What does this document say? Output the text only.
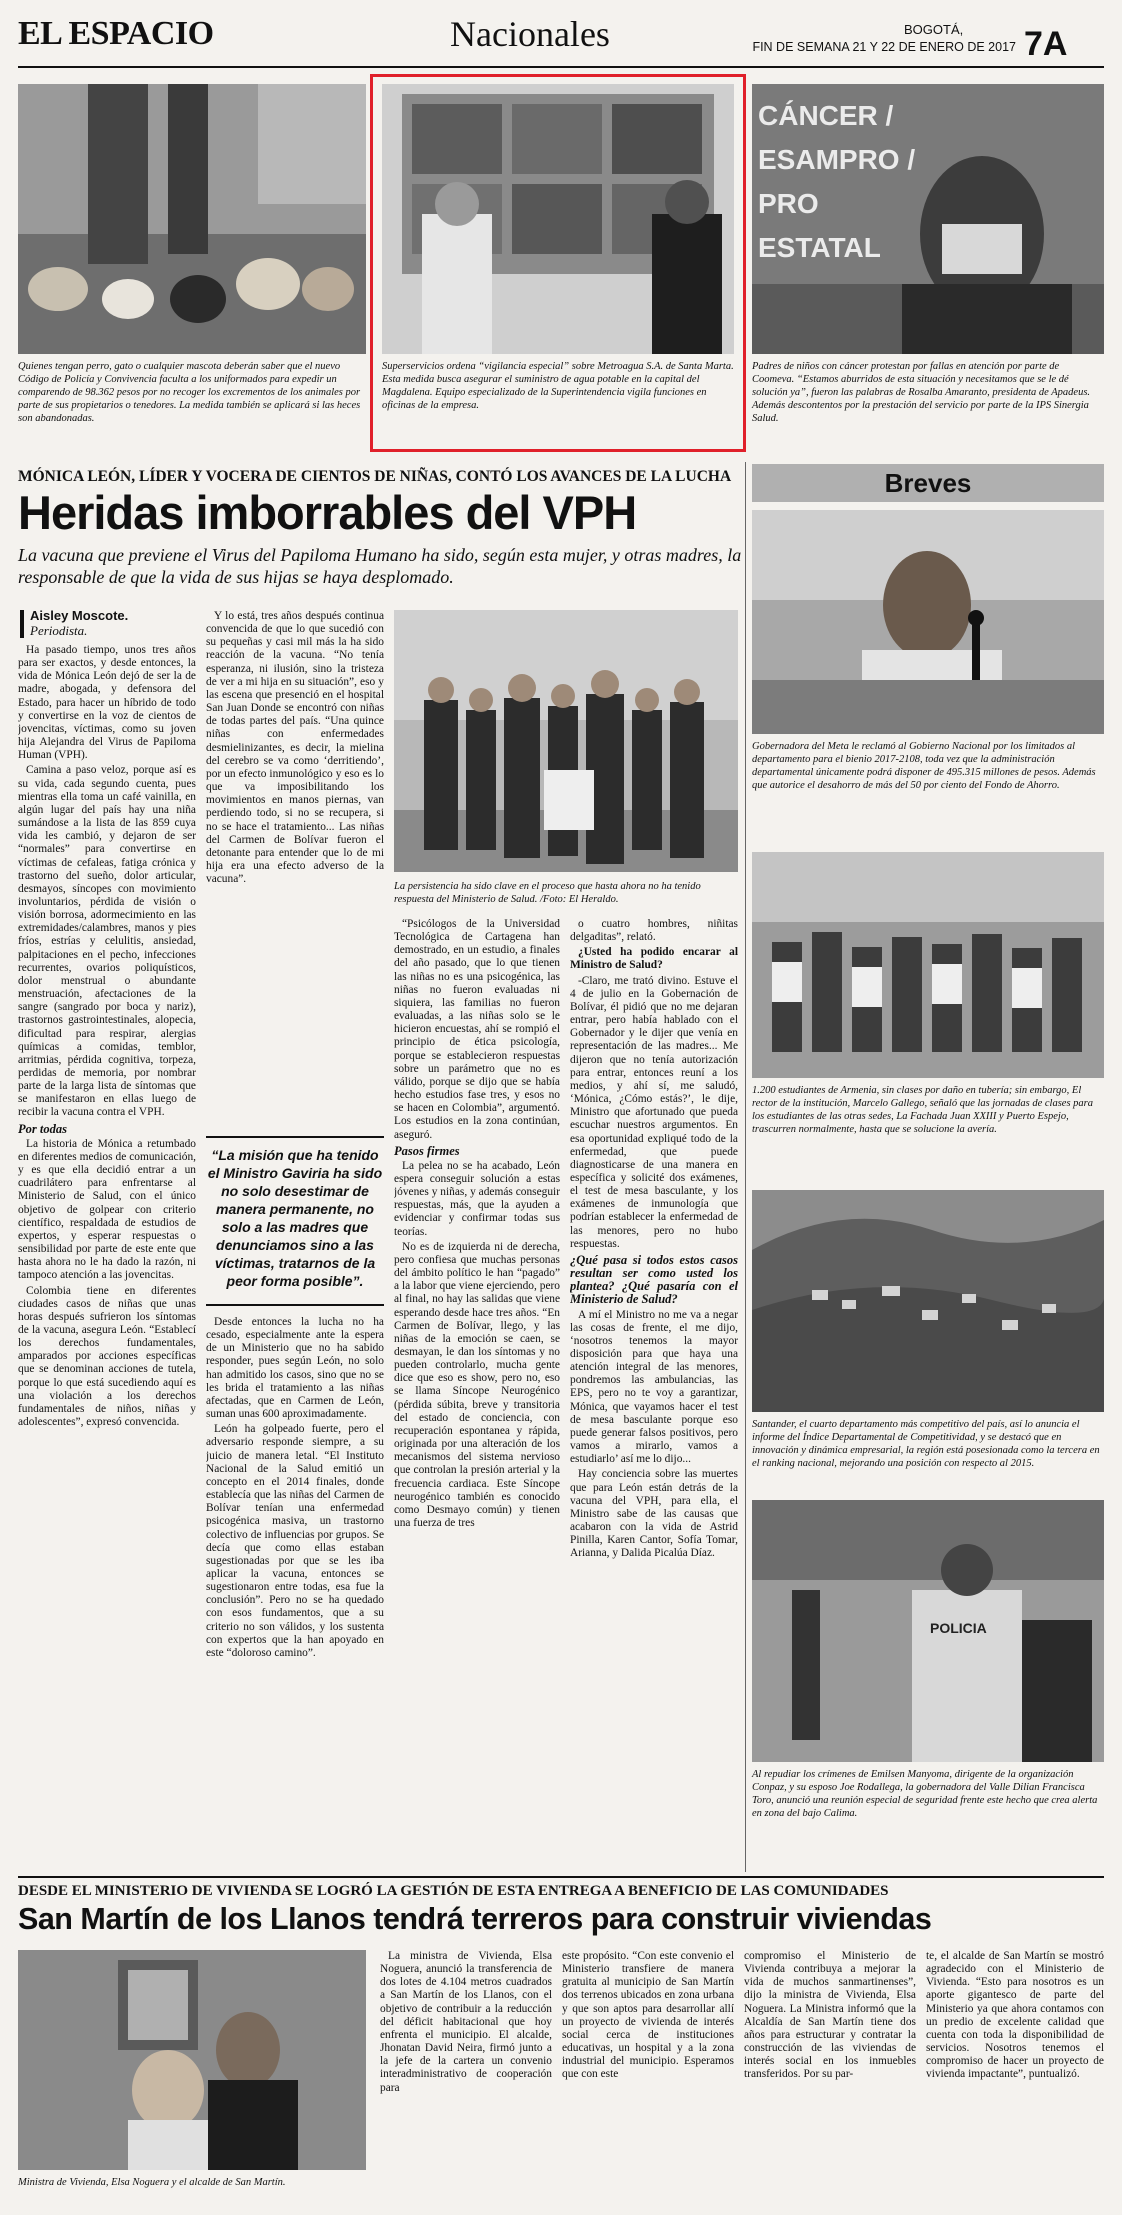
EL ESPACIO	Nacionales	BOGOTÁ,
FIN DE SEMANA 21 Y 22 DE ENERO DE 2017 7A
Quienes tengan perro, gato o cualquier mascota deberán saber que el nuevo Código de Policía y Convivencia faculta a los uniformados para expedir un comparendo de 98.362 pesos por no recoger los excrementos de los animales por parte de sus propietarios o tenedores. La medida también se aplicará si las heces son abandonadas.
Superservicios ordena “vigilancia especial” sobre Metroagua S.A. de Santa Marta. Esta medida busca asegurar el suministro de agua potable en la capital del Magdalena. Equipo especializado de la Superintendencia vigila funciones en oficinas de la empresa.
CÁNCER / ESAMPRO / PRO ESTATAL
Padres de niños con cáncer protestan por fallas en atención por parte de Coomeva. “Estamos aburridos de esta situación y necesitamos que se le dé solución ya”, fueron las palabras de Rosalba Amaranto, presidenta de Apadeus. Además descontentos por la prestación del servicio por parte de la IPS Sinergia Salud.
MÓNICA LEÓN, LÍDER Y VOCERA DE CIENTOS DE NIÑAS, CONTÓ LOS AVANCES DE LA LUCHA
Heridas imborrables del VPH
La vacuna que previene el Virus del Papiloma Humano ha sido, según esta mujer, y otras madres, la responsable de que la vida de sus hijas se haya desplomado.
Aisley Moscote.
Periodista.

Ha pasado tiempo, unos tres años para ser exactos, y desde entonces, la vida de Mónica León dejó de ser la de madre, abogada, y defensora del Estado, para hacer un híbrido de todo y convertirse en la voz de cientos de jovencitas, víctimas, como su joven hija Alejandra del Virus de Papiloma Human (VPH).

Camina a paso veloz, porque así es su vida, cada segundo cuenta, pues mientras ella toma un café vainilla, en algún lugar del país hay una niña sumándose a la lista de las 859 cuya vida les cambió, y dejaron de ser “normales” para convertirse en víctimas de cefaleas, fatiga crónica y trastorno del sueño, dolor articular, desmayos, síncopes con movimiento involuntarios, pérdida de visión o visión borrosa, adormecimiento en las extremidades/calambres, manos y pies fríos, estrías y celulitis, ansiedad, palpitaciones en el pecho, infecciones recurrentes, ovarios poliquísticos, dolor menstrual o abundante menstruación, afectaciones de la sangre (sangrado por boca y nariz), trastornos gastrointestinales, alopecia, dificultad para respirar, alergias químicas a comidas, temblor, arritmias, pérdida cognitiva, torpeza, perdidas de memoria, por nombrar parte de la larga lista de síntomas que se manifestaron en ellas luego de recibir la vacuna contra el VPH.

Por todas

La historia de Mónica a retumbado en diferentes medios de comunicación, y es que ella decidió entrar a un cuadrilátero para enfrentarse al Ministerio de Salud, con el único objetivo de golpear con criterio científico, respaldada de estudios de expertos, y esperar respuestas o sensibilidad por parte de este ente que hasta ahora no le ha dado la razón, ni tampoco atención a las jovencitas.

Colombia tiene en diferentes ciudades casos de niñas que unas horas después sufrieron los síntomas de la vacuna, asegura León. “Establecí los derechos fundamentales, amparados por acciones específicas que se denominan acciones de tutela, porque lo que está sucediendo aquí es una violación a los derechos fundamentales de niños, niñas y adolescentes”, expresó convencida.

Y lo está, tres años después continua convencida de que lo que sucedió con su pequeñas y casi mil más la ha sido reacción de la vacuna. “No tenía esperanza, ni ilusión, sino la tristeza de ver a mi hija en su situación”, eso y las escena que presenció en el hospital San Juan Donde se encontró con niñas de todas partes del país. “Una quince niñas con enfermedades desmielinizantes, es decir, la mielina del cerebro se va como ‘derritiendo’, por un efecto inmunológico y eso es lo que va imposibilitando los movimientos en manos piernas, van perdiendo todo, si no se recupera, si no se hace el tratamiento... Las niñas del Carmen de Bolívar fueron el detonante para entender que lo de mi hija era una efecto adverso de la vacuna”.

“La misión que ha tenido el Ministro Gaviria ha sido no solo desestimar de manera permanente, no solo a las madres que denunciamos sino a las víctimas, tratarnos de la peor forma posible”.

Desde entonces la lucha no ha cesado, especialmente ante la espera de un Ministerio que no ha sabido responder, pues según León, no solo han admitido los casos, sino que no se les brida el tratamiento a las niñas afectadas, que en Carmen de León, suman unas 600 aproximadamente.

León ha golpeado fuerte, pero el adversario responde siempre, a su juicio de manera letal. “El Instituto Nacional de la Salud emitió un concepto en el 2014 finales, donde establecía que las niñas del Carmen de Bolívar tenían una enfermedad psicogénica masiva, un trastorno colectivo de influencias por grupos. Se decía que como ellas estaban sugestionadas por que se les iba aplicar la vacuna, entonces se sugestionaron entre todas, esa fue la conclusión”. Pero no se ha quedado con esos fundamentos, que a su criterio no son válidos, y los sustenta con expertos que la han apoyado en este “doloroso camino”.

La persistencia ha sido clave en el proceso que hasta ahora no ha tenido respuesta del Ministerio de Salud. /Foto: El Heraldo.

“Psicólogos de la Universidad Tecnológica de Cartagena han demostrado, en un estudio, a finales del año pasado, que lo que tienen las niñas no es una psicogénica, las niñas no fueron evaluadas ni siquiera, las familias no fueron evaluadas, a las niñas solo se le hicieron encuestas, ahí se rompió el principio de ética psicología, porque se establecieron respuestas sobre un parámetro que no es válido, porque se dijo que se había hecho estudios fase tres, y esos no se hacen en Colombia”, argumentó. Los estudios en la zona continúan, aseguró.

Pasos firmes

La pelea no se ha acabado, León espera conseguir solución a estas jóvenes y niñas, y además conseguir respuestas, más, que la ayuden a evidenciar y confirmar todas sus teorías.

No es de izquierda ni de derecha, pero confiesa que muchas personas del ámbito político le han “pagado” a la labor que viene ejerciendo, pero al final, no hay las salidas que viene esperando desde hace tres años. “En Carmen de Bolívar, llego, y las niñas de la emoción se caen, se desmayan, le dan los síntomas y no pueden controlarlo, mucha gente dice que eso es show, pero no, eso se llama Síncope Neurogénico (pérdida súbita, breve y transitoria del estado de conciencia, con recuperación espontanea y rápida, originada por una alteración de los mecanismos del sistema nervioso que controlan la presión arterial y la frecuencia cardiaca. Este Síncope neurogénico también es conocido como Desmayo común) y tienen una fuerza de tres

o cuatro hombres, niñitas delgaditas”, relató.

¿Usted ha podido encarar al Ministro de Salud?

-Claro, me trató divino. Estuve el 4 de julio en la Gobernación de Bolívar, él pidió que no me dejaran entrar, pero había hablado con el Gobernador y le dijer que venía en representación de las madres... Me dijeron que no tenía autorización para entrar, entonces reuní a los medios, y ahí sí, me saludó, ‘Mónica, ¿Cómo estás?’, le dije, Ministro que afortunado que pueda escuchar nuestros argumentos. En esa oportunidad expliqué todo de la enfermedad, que puede diagnosticarse de una manera en específica y solicité dos exámenes, el test de mesa basculante, y los exámenes de inmunología que podrían establecer la enfermedad de las menores, pero no hubo respuestas.

¿Qué pasa si todos estos casos resultan ser como usted los plantea? ¿Qué pasaría con el Ministerio de Salud?

A mí el Ministro no me va a negar las cosas de frente, el me dijo, ‘nosotros tenemos la mayor disposición para que haya una atención integral de las menores, pondremos las ambulancias, las EPS, pero no te voy a garantizar, Mónica, que vayamos hacer el test de mesa basculante porque eso puede generar falsos positivos, pero vamos a mirarlo, vamos a estudiarlo’ así me lo dijo...

Hay conciencia sobre las muertes que para León están detrás de la vacuna del VPH, para ella, el Ministro sabe de las causas que acabaron con la vida de Astrid Pinilla, Karen Cantor, Sofía Tomar, Arianna, y Dalida Picalúa Díaz.

Breves
Gobernadora del Meta le reclamó al Gobierno Nacional por los limitados al departamento para el bienio 2017-2108, toda vez que la administración departamental únicamente podrá disponer de 495.315 millones de pesos. Además que autorice el desahorro de más del 50 por ciento del Fondo de Ahorro.
1.200 estudiantes de Armenia, sin clases por daño en tubería; sin embargo, El rector de la institución, Marcelo Gallego, señaló que las jornadas de clases para los estudiantes de las otras sedes, La Fachada Juan XXIII y Puerto Espejo, trascurren normalmente, hasta que se solucione la avería.
Santander, el cuarto departamento más competitivo del país, así lo anuncia el informe del Índice Departamental de Competitividad, y se destacó que en innovación y dinámica empresarial, la región está posesionada como la tercera en el ranking nacional, mejorando una posición con respecto al 2015.
POLICIA
Al repudiar los crímenes de Emilsen Manyoma, dirigente de la organización Conpaz, y su esposo Joe Rodallega, la gobernadora del Valle Dilian Francisca Toro, anunció una reunión especial de seguridad frente este hecho que crea alerta en zona del bajo Calima.
DESDE EL MINISTERIO DE VIVIENDA SE LOGRÓ LA GESTIÓN DE ESTA ENTREGA A BENEFICIO DE LAS COMUNIDADES
San Martín de los Llanos tendrá terreros para construir viviendas
Ministra de Vivienda, Elsa Noguera y el alcalde de San Martín.

La ministra de Vivienda, Elsa Noguera, anunció la transferencia de dos lotes de 4.104 metros cuadrados a San Martín de los Llanos, con el objetivo de contribuir a la reducción del déficit habitacional que hoy enfrenta el municipio. El alcalde, Jhonatan David Neira, firmó junto a la jefe de la cartera un convenio interadministrativo de cooperación para

este propósito. “Con este convenio el Ministerio transfiere de manera gratuita al municipio de San Martín dos terrenos ubicados en zona urbana y que son aptos para desarrollar allí un proyecto de vivienda de interés social cerca de instituciones educativas, un hospital y a la zona industrial del municipio. Esperamos que con este

compromiso el Ministerio de Vivienda contribuya a mejorar la vida de muchos sanmartinenses”, dijo la ministra de Vivienda, Elsa Noguera. La Ministra informó que la Alcaldía de San Martín tiene dos años para estructurar y contratar la construcción de las viviendas de interés social en los inmuebles transferidos. Por su par-

te, el alcalde de San Martín se mostró agradecido con el Ministerio de Vivienda. “Esto para nosotros es un aporte gigantesco de parte del Ministerio ya que ahora contamos con un predio de excelente calidad que cuenta con toda la disponibilidad de servicios. Nosotros tenemos el compromiso de hacer un proyecto de vivienda impactante”, puntualizó.
